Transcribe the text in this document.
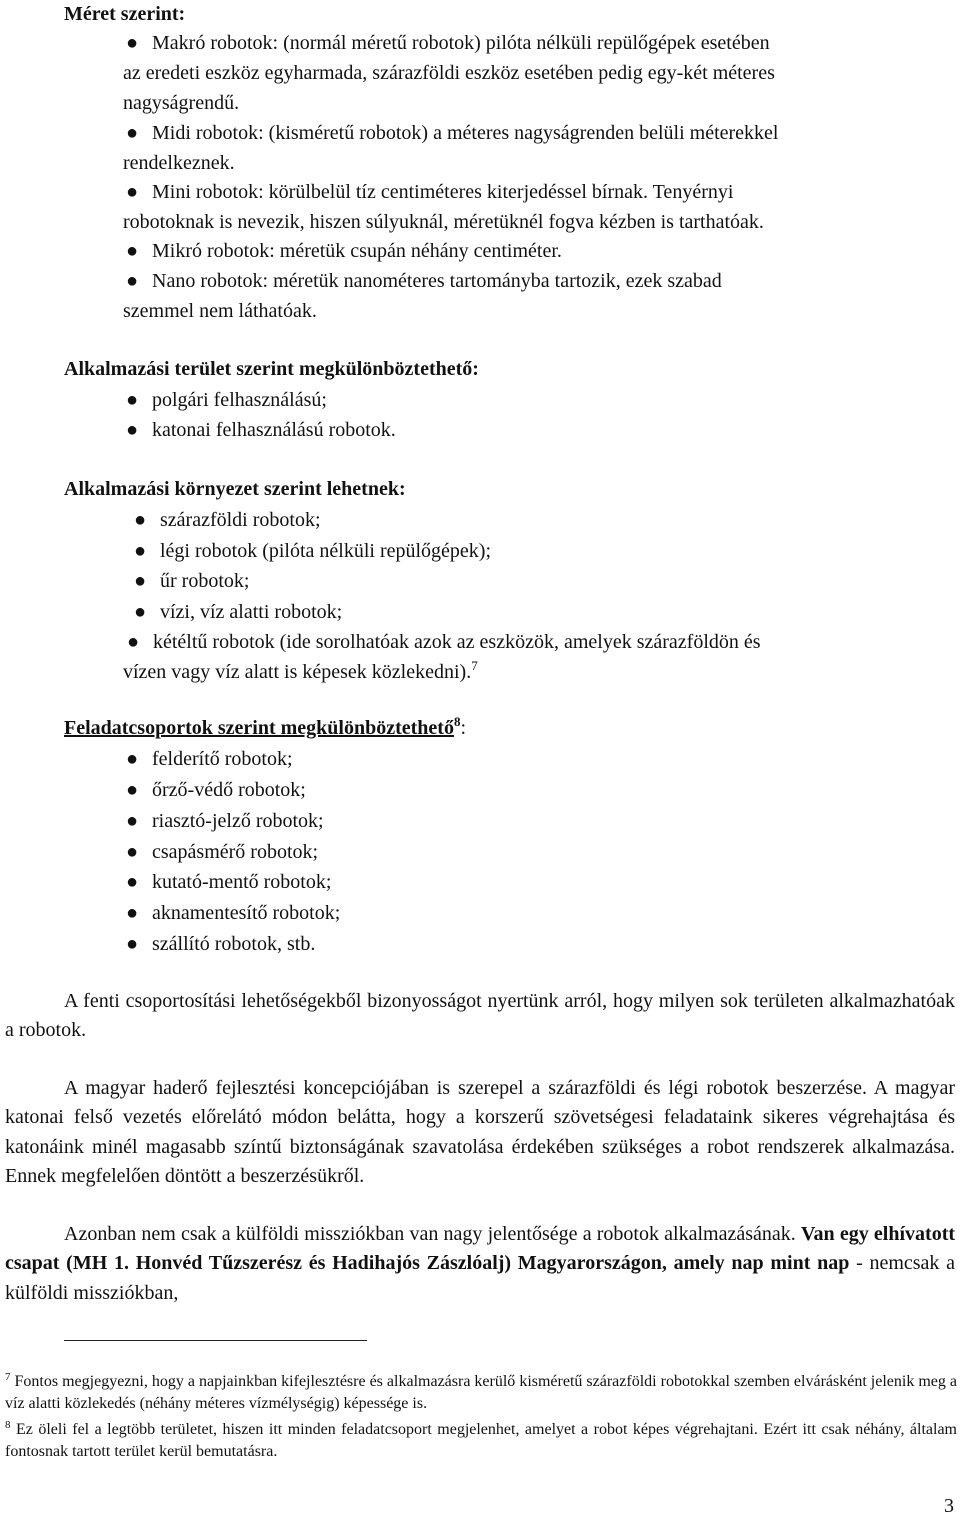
Méret szerint:
● Makró robotok: (normál méretű robotok) pilóta nélküli repülőgépek esetében
az eredeti eszköz egyharmada, szárazföldi eszköz esetében pedig egy-két méteres
nagyságrendű.
● Midi robotok: (kisméretű robotok) a méteres nagyságrenden belüli méterekkel
rendelkeznek.
● Mini robotok: körülbelül tíz centiméteres kiterjedéssel bírnak. Tenyérnyi
robotoknak is nevezik, hiszen súlyuknál, méretüknél fogva kézben is tarthatóak.
● Mikró robotok: méretük csupán néhány centiméter.
● Nano robotok: méretük nanométeres tartományba tartozik, ezek szabad
szemmel nem láthatóak.
Alkalmazási terület szerint megkülönböztethető:
● polgári felhasználású;
● katonai felhasználású robotok.
Alkalmazási környezet szerint lehetnek:
● szárazföldi robotok;
● légi robotok (pilóta nélküli repülőgépek);
● űr robotok;
● vízi, víz alatti robotok;
● kétéltű robotok (ide sorolhatóak azok az eszközök, amelyek szárazföldön és
vízen vagy víz alatt is képesek közlekedni).$^7$
Feladatcsoportok szerint megkülönböztethető$^8$:
● felderítő robotok;
● őrző-védő robotok;
● riasztó-jelző robotok;
● csapásmérő robotok;
● kutató-mentő robotok;
● aknamentesítő robotok;
● szállító robotok, stb.
A fenti csoportosítási lehetőségekből bizonyosságot nyertünk arról, hogy milyen sok területen alkalmazhatóak a robotok.
A magyar haderő fejlesztési koncepciójában is szerepel a szárazföldi és légi robotok beszerzése. A magyar katonai felső vezetés előrelátó módon belátta, hogy a korszerű szövetségesi feladataink sikeres végrehajtása és katonáink minél magasabb színtű biztonságának szavatolása érdekében szükséges a robot rendszerek alkalmazása. Ennek megfelelően döntött a beszerzésükről.
Azonban nem csak a külföldi missziókban van nagy jelentősége a robotok alkalmazásának. Van egy elhívatott csapat (MH 1. Honvéd Tűzszerész és Hadihajós Zászlóalj) Magyarországon, amely nap mint nap - nemcsak a külföldi missziókban,
$^7$ Fontos megjegyezni, hogy a napjainkban kifejlesztésre és alkalmazásra kerülő kisméretű szárazföldi robotokkal szemben elvárásként jelenik meg a víz alatti közlekedés (néhány méteres vízmélységig) képessége is.
$^8$ Ez öleli fel a legtöbb területet, hiszen itt minden feladatcsoport megjelenhet, amelyet a robot képes végrehajtani. Ezért itt csak néhány, általam fontosnak tartott terület kerül bemutatásra.
3
